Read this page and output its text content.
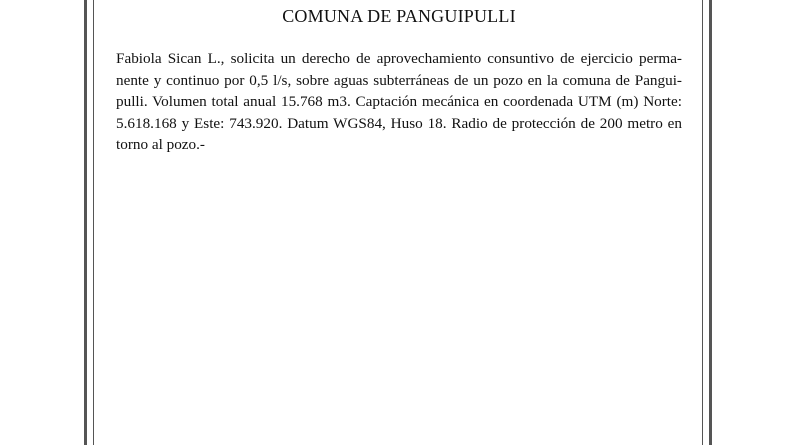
COMUNA DE PANGUIPULLI

Fabiola Sican L., solicita un derecho de aprovechamiento consuntivo de ejercicio perma-nente y continuo por 0,5 l/s, sobre aguas subterráneas de un pozo en la comuna de Pangui-pulli. Volumen total anual 15.768 m3. Captación mecánica en coordenada UTM (m) Norte: 5.618.168 y Este: 743.920. Datum WGS84, Huso 18. Radio de protección de 200 metro en torno al pozo.-
